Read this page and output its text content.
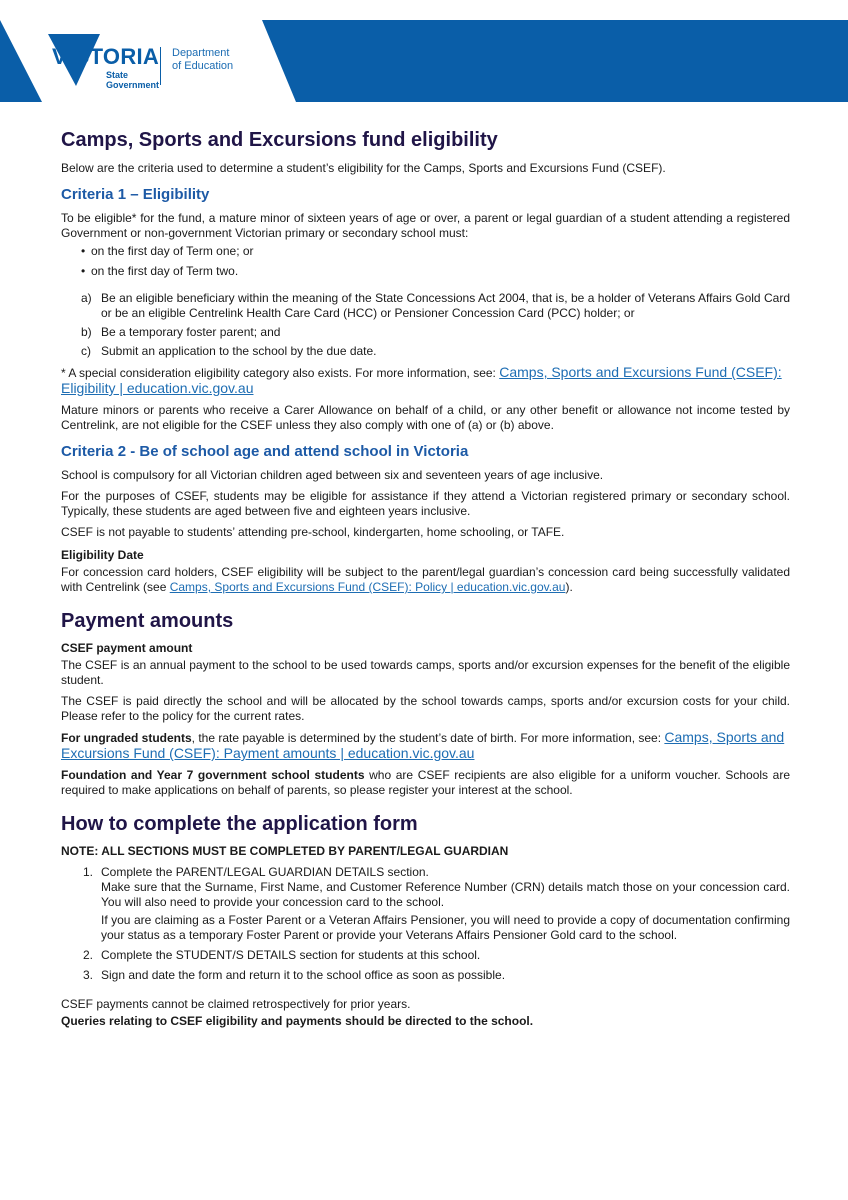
VICTORIA
State
Government
Department
of Education
Camps, Sports and Excursions fund eligibility

Below are the criteria used to determine a student’s eligibility for the Camps, Sports and Excursions Fund (CSEF).

Criteria 1 – Eligibility

To be eligible* for the fund, a mature minor of sixteen years of age or over, a parent or legal guardian of a student attending a registered Government or non-government Victorian primary or secondary school must:

• on the first day of Term one; or
• on the first day of Term two.
a) Be an eligible beneficiary within the meaning of the State Concessions Act 2004, that is, be a holder of Veterans Affairs Gold Card or be an eligible Centrelink Health Care Card (HCC) or Pensioner Concession Card (PCC) holder; or
b) Be a temporary foster parent; and
c) Submit an application to the school by the due date.

* A special consideration eligibility category also exists. For more information, see: Camps, Sports and Excursions Fund (CSEF): Eligibility | education.vic.gov.au

Mature minors or parents who receive a Carer Allowance on behalf of a child, or any other benefit or allowance not income tested by Centrelink, are not eligible for the CSEF unless they also comply with one of (a) or (b) above.

Criteria 2 - Be of school age and attend school in Victoria

School is compulsory for all Victorian children aged between six and seventeen years of age inclusive.

For the purposes of CSEF, students may be eligible for assistance if they attend a Victorian registered primary or secondary school. Typically, these students are aged between five and eighteen years inclusive.

CSEF is not payable to students’ attending pre-school, kindergarten, home schooling, or TAFE.

Eligibility Date

For concession card holders, CSEF eligibility will be subject to the parent/legal guardian’s concession card being successfully validated with Centrelink (see Camps, Sports and Excursions Fund (CSEF): Policy | education.vic.gov.au).

Payment amounts
CSEF payment amount

The CSEF is an annual payment to the school to be used towards camps, sports and/or excursion expenses for the benefit of the eligible student.

The CSEF is paid directly the school and will be allocated by the school towards camps, sports and/or excursion costs for your child. Please refer to the policy for the current rates.

For ungraded students, the rate payable is determined by the student’s date of birth. For more information, see: Camps, Sports and Excursions Fund (CSEF): Payment amounts | education.vic.gov.au

Foundation and Year 7 government school students who are CSEF recipients are also eligible for a uniform voucher. Schools are required to make applications on behalf of parents, so please register your interest at the school.

How to complete the application form

NOTE: ALL SECTIONS MUST BE COMPLETED BY PARENT/LEGAL GUARDIAN

1. Complete the PARENT/LEGAL GUARDIAN DETAILS section.

Make sure that the Surname, First Name, and Customer Reference Number (CRN) details match those on your concession card. You will also need to provide your concession card to the school.

If you are claiming as a Foster Parent or a Veteran Affairs Pensioner, you will need to provide a copy of documentation confirming your status as a temporary Foster Parent or provide your Veterans Affairs Pensioner Gold card to the school.

2. Complete the STUDENT/S DETAILS section for students at this school.
3. Sign and date the form and return it to the school office as soon as possible.

CSEF payments cannot be claimed retrospectively for prior years.

Queries relating to CSEF eligibility and payments should be directed to the school.
